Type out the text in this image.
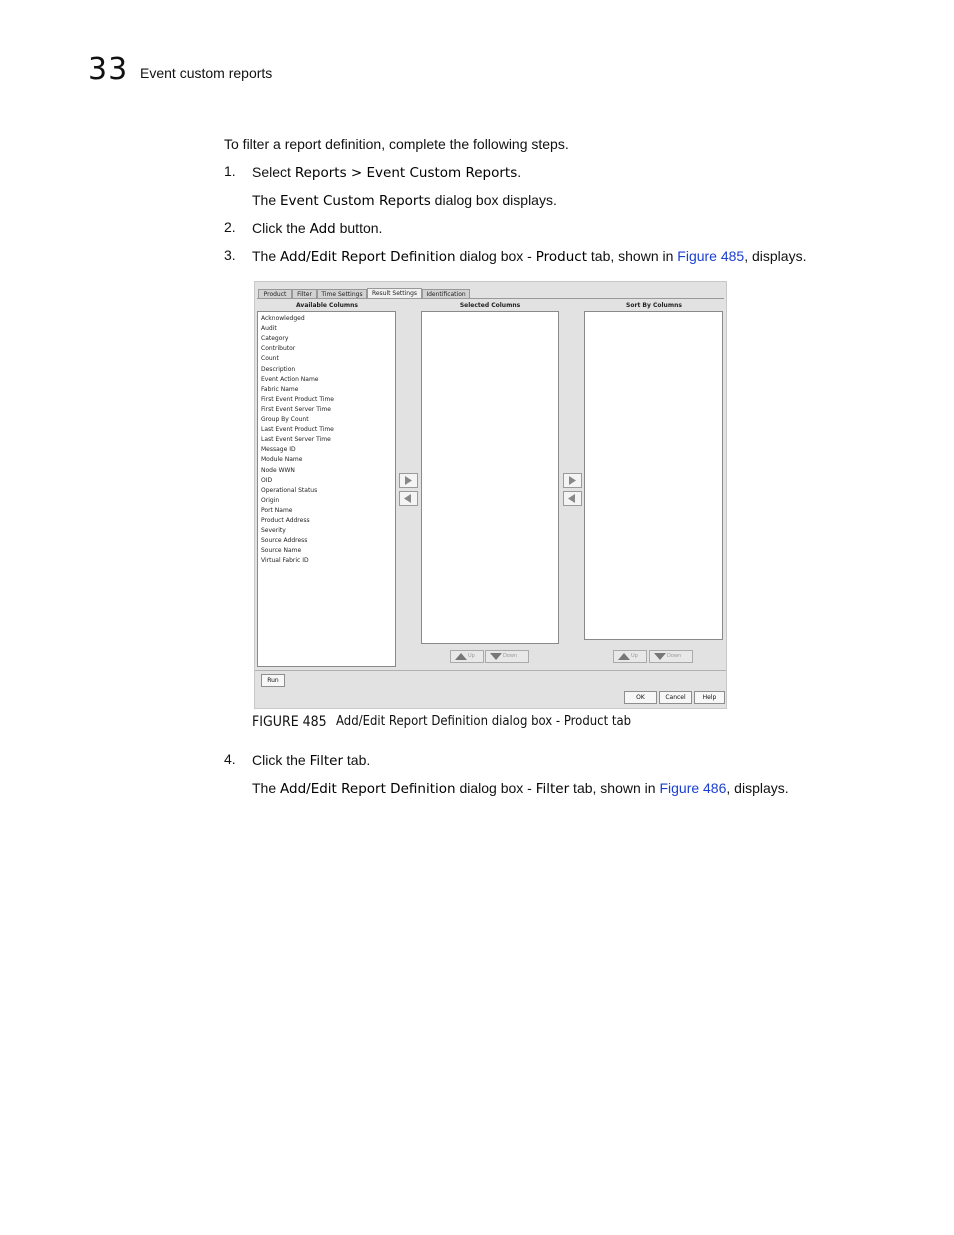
33 Event custom reports
To filter a report definition, complete the following steps.
1. Select Reports > Event Custom Reports.
The Event Custom Reports dialog box displays.
2. Click the Add button.
3. The Add/Edit Report Definition dialog box - Product tab, shown in Figure 485, displays.
Product	Filter	Time Settings	Result Settings	Identification
Available Columns	Selected Columns	Sort By Columns
Acknowledged
Audit
Category
Contributor
Count
Description
Event Action Name
Fabric Name
First Event Product Time
First Event Server Time
Group By Count
Last Event Product Time
Last Event Server Time
Message ID
Module Name
Node WWN
OID
Operational Status
Origin
Port Name
Product Address
Severity
Source Address
Source Name
Virtual Fabric ID
Up	Down	Up	Down
Run
OK	Cancel	Help
FIGURE 485 Add/Edit Report Definition dialog box - Product tab
4. Click the Filter tab.
The Add/Edit Report Definition dialog box - Filter tab, shown in Figure 486, displays.
